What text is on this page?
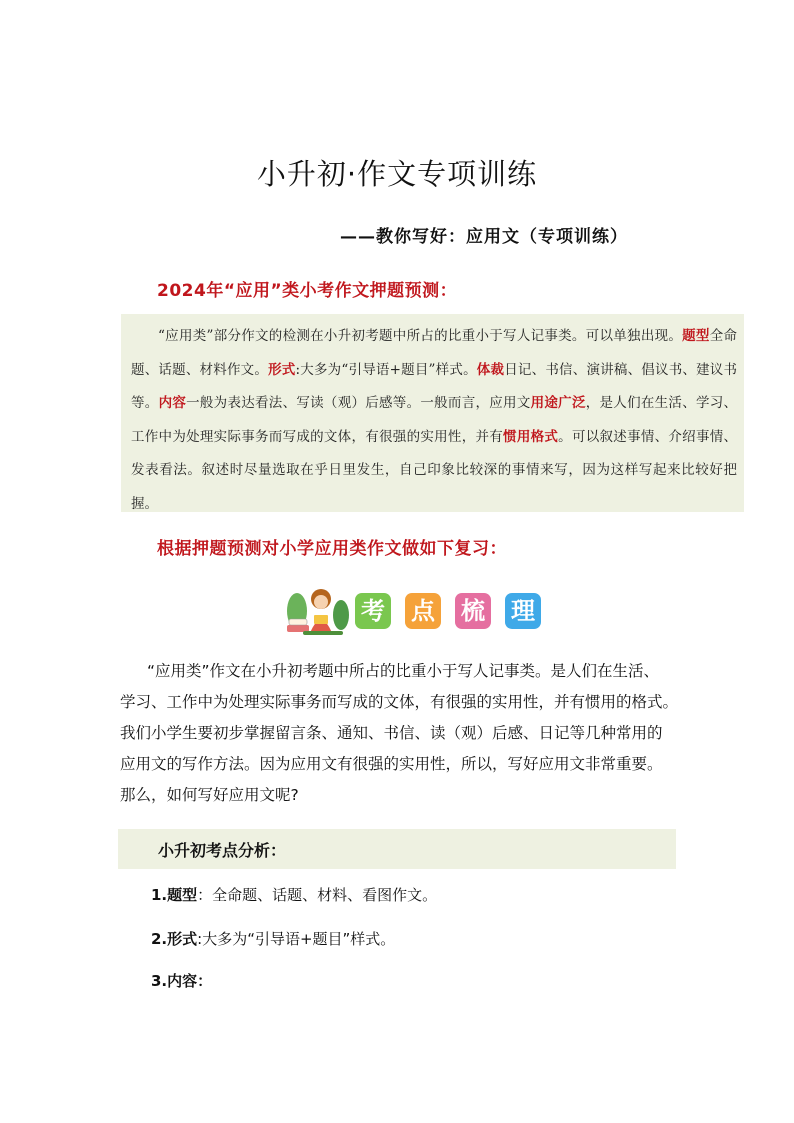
小升初·作文专项训练
——教你写好：应用文（专项训练）
2024年“应用”类小考作文押题预测：
“应用类”部分作文的检测在小升初考题中所占的比重小于写人记事类。可以单独出现。题型全命题、话题、材料作文。形式:大多为“引导语+题目”样式。体裁日记、书信、演讲稿、倡议书、建议书等。内容一般为表达看法、写读（观）后感等。一般而言，应用文用途广泛，是人们在生活、学习、工作中为处理实际事务而写成的文体，有很强的实用性，并有惯用格式。可以叙述事情、介绍事情、发表看法。叙述时尽量选取在乎日里发生，自己印象比较深的事情来写，因为这样写起来比较好把握。
根据押题预测对小学应用类作文做如下复习：
考 点 梳 理

“应用类”作文在小升初考题中所占的比重小于写人记事类。是人们在生活、

学习、工作中为处理实际事务而写成的文体，有很强的实用性，并有惯用的格式。

我们小学生要初步掌握留言条、通知、书信、读（观）后感、日记等几种常用的

应用文的写作方法。因为应用文有很强的实用性，所以，写好应用文非常重要。

那么，如何写好应用文呢?

小升初考点分析：
1.题型：全命题、话题、材料、看图作文。
2.形式:大多为“引导语+题目”样式。
3.内容：
